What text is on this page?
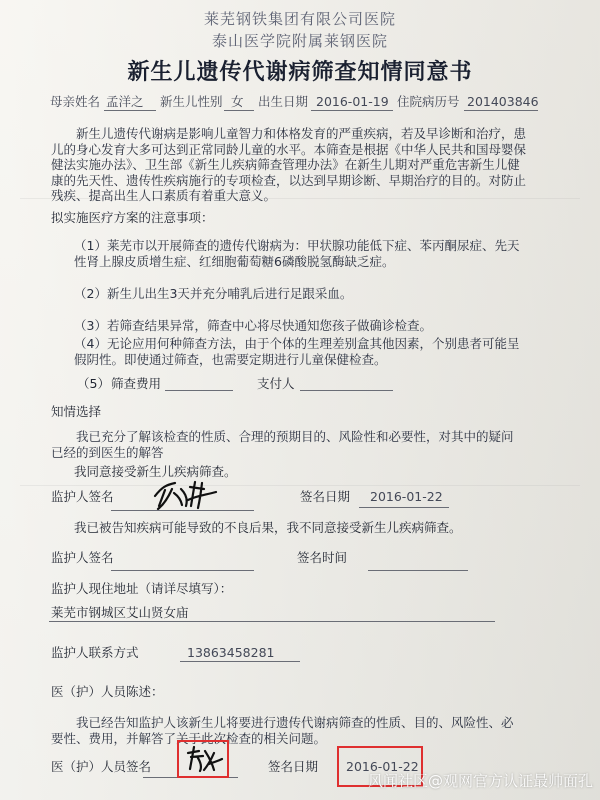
莱芜钢铁集团有限公司医院
泰山医学院附属莱钢医院
新生儿遗传代谢病筛查知情同意书
母亲姓名 孟洋之 新生儿性别 女 出生日期 2016-01-19 住院病历号 201403846
新生儿遗传代谢病是影响儿童智力和体格发育的严重疾病，若及早诊断和治疗，患儿的身心发育大多可达到正常同龄儿童的水平。本筛查是根据《中华人民共和国母婴保健法实施办法》、卫生部《新生儿疾病筛查管理办法》在新生儿期对严重危害新生儿健康的先天性、遗传性疾病施行的专项检查，以达到早期诊断、早期治疗的目的。对防止残疾、提高出生人口素质有着重大意义。
拟实施医疗方案的注意事项：
（1）莱芜市以开展筛查的遗传代谢病为：甲状腺功能低下症、苯丙酮尿症、先天性肾上腺皮质增生症、红细胞葡萄糖6磷酸脱氢酶缺乏症。
（2）新生儿出生3天并充分哺乳后进行足跟采血。
（3）若筛查结果异常，筛查中心将尽快通知您孩子做确诊检查。
（4）无论应用何种筛查方法，由于个体的生理差别盒其他因素，个别患者可能呈假阴性。即使通过筛查，也需要定期进行儿童保健检查。
（5） 筛查费用	支付人
知情选择
我已充分了解该检查的性质、合理的预期目的、风险性和必要性，对其中的疑问已经的到医生的解答
我同意接受新生儿疾病筛查。
监护人签名	签名日期 2016-01-22
我已被告知疾病可能导致的不良后果，我不同意接受新生儿疾病筛查。
监护人签名	签名时间
监护人现住地址（请详尽填写）：
莱芜市钢城区艾山贤女庙
监护人联系方式	13863458281
医（护）人员陈述：
我已经告知监护人该新生儿将要进行遗传代谢病筛查的性质、目的、风险性、必要性、费用，并解答了关于此次检查的相关问题。
医（护）人员签名	签名日期 2016-01-22
风闻社区@观网官方认证最帅面孔
